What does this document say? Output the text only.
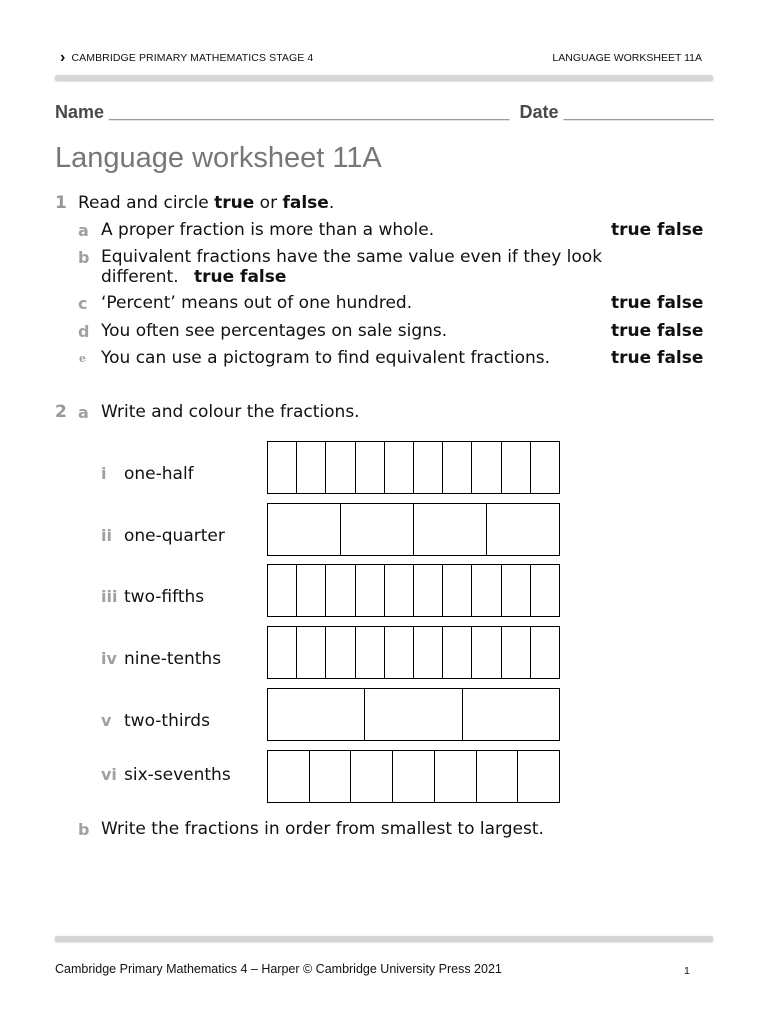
› CAMBRIDGE PRIMARY MATHEMATICS STAGE 4	LANGUAGE WORKSHEET 11A
Name ________________________________________  Date _______________
Language worksheet 11A
1 Read and circle true or false.
a A proper fraction is more than a whole.	true false
b Equivalent fractions have the same value even if they look
different. true false
c ‘Percent’ means out of one hundred.	true false
d You often see percentages on sale signs.	true false
e You can use a pictogram to find equivalent fractions.	true false
2 a Write and colour the fractions.
i one-half
ii one-quarter
iii two-fifths
iv nine-tenths
v two-thirds
vi six-sevenths
b Write the fractions in order from smallest to largest.
Cambridge Primary Mathematics 4 – Harper © Cambridge University Press 2021	1
